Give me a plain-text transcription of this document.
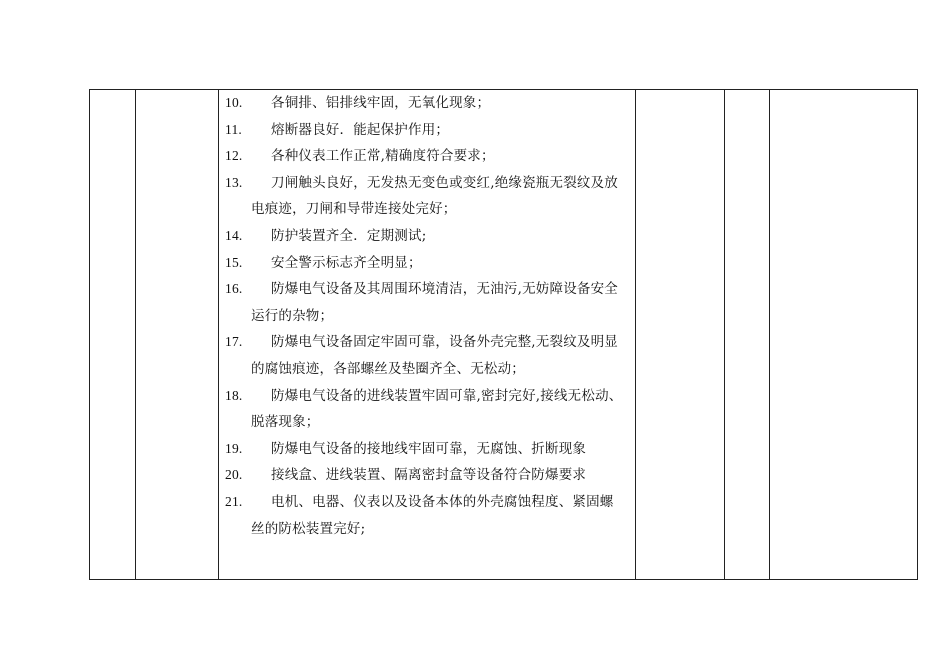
10. 各铜排、铝排线牢固，无氧化现象；
11. 熔断器良好．能起保护作用；
12. 各种仪表工作正常,精确度符合要求；
13. 刀闸触头良好，无发热无变色或变红,绝缘瓷瓶无裂纹及放电痕迹，刀闸和导带连接处完好；
14. 防护装置齐全．定期测试;
15. 安全警示标志齐全明显；
16. 防爆电气设备及其周围环境清洁，无油污,无妨障设备安全运行的杂物；
17. 防爆电气设备固定牢固可靠，设备外壳完整,无裂纹及明显的腐蚀痕迹，各部螺丝及垫圈齐全、无松动；
18. 防爆电气设备的进线装置牢固可靠,密封完好,接线无松动、脱落现象；
19. 防爆电气设备的接地线牢固可靠，无腐蚀、折断现象
20. 接线盒、进线装置、隔离密封盒等设备符合防爆要求
21. 电机、电器、仪表以及设备本体的外壳腐蚀程度、紧固螺丝的防松装置完好;
